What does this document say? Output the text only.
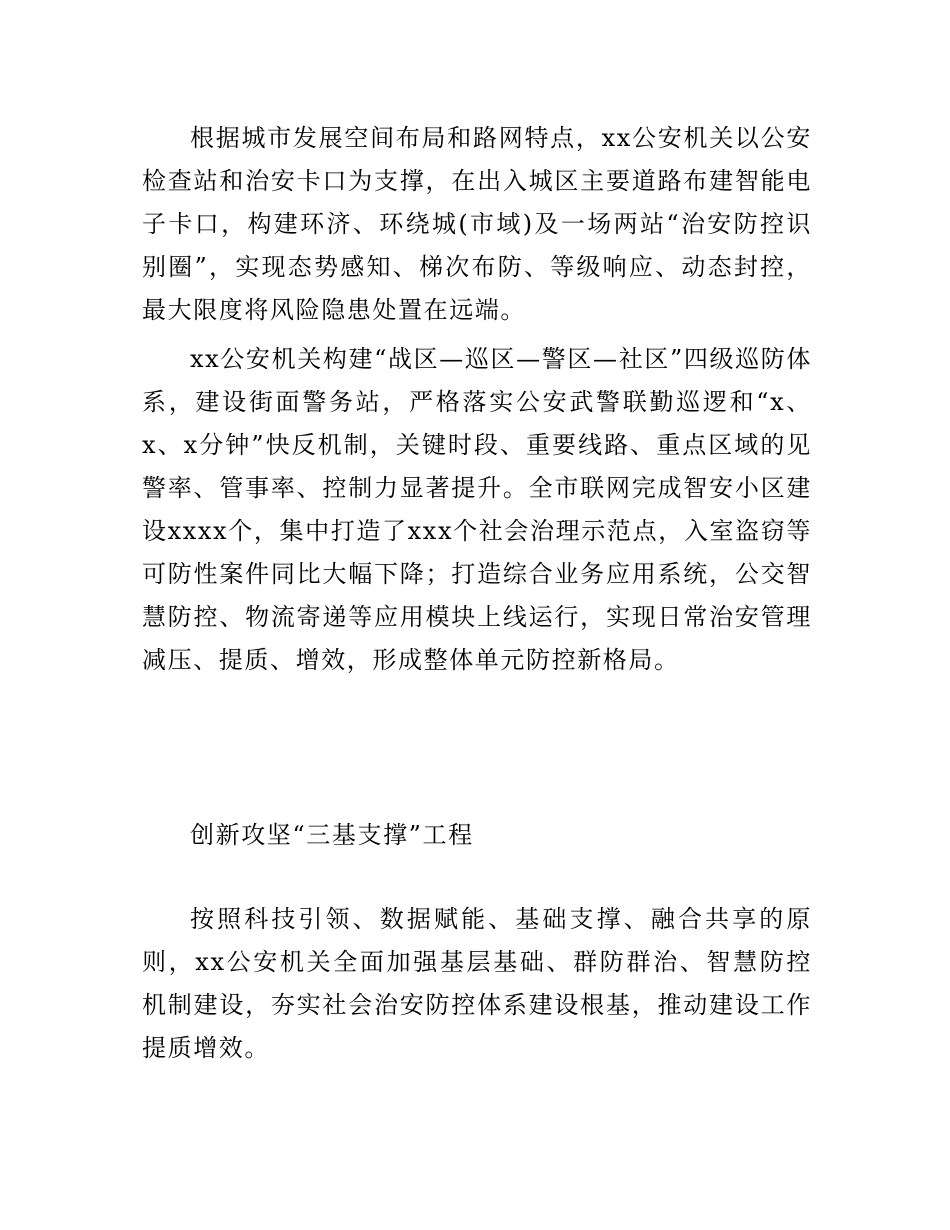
根据城市发展空间布局和路网特点，xx公安机关以公安检查站和治安卡口为支撑，在出入城区主要道路布建智能电子卡口，构建环济、环绕城(市域)及一场两站“治安防控识别圈”，实现态势感知、梯次布防、等级响应、动态封控，最大限度将风险隐患处置在远端。

xx公安机关构建“战区—巡区—警区—社区”四级巡防体系，建设街面警务站，严格落实公安武警联勤巡逻和“x、x、x分钟”快反机制，关键时段、重要线路、重点区域的见警率、管事率、控制力显著提升。全市联网完成智安小区建设xxxx个，集中打造了xxx个社会治理示范点，入室盗窃等可防性案件同比大幅下降；打造综合业务应用系统，公交智慧防控、物流寄递等应用模块上线运行，实现日常治安管理减压、提质、增效，形成整体单元防控新格局。

创新攻坚“三基支撑”工程

按照科技引领、数据赋能、基础支撑、融合共享的原则，xx公安机关全面加强基层基础、群防群治、智慧防控机制建设，夯实社会治安防控体系建设根基，推动建设工作提质增效。
